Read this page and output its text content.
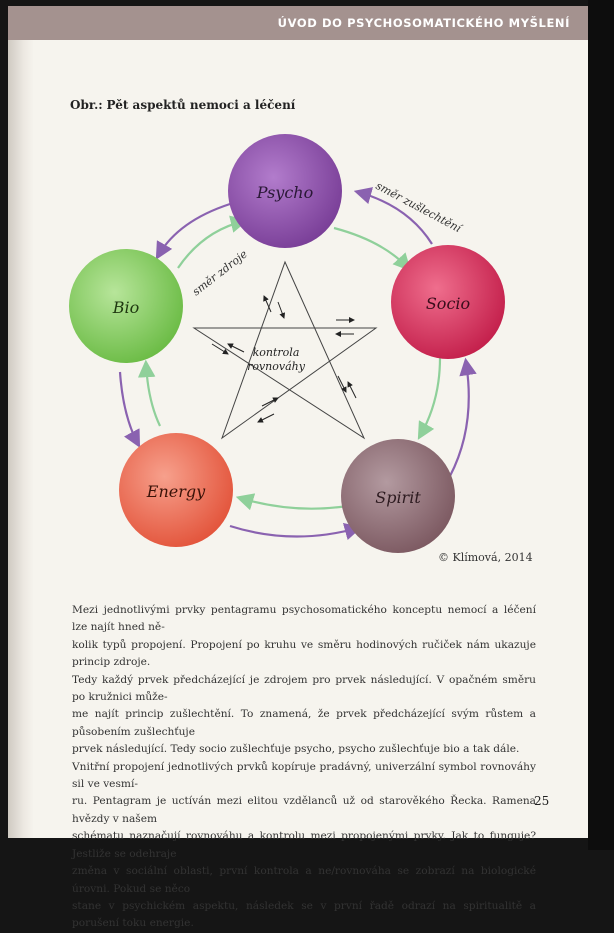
ÚVOD DO PSYCHOSOMATICKÉHO MYŠLENÍ
Obr.: Pět aspektů nemoci a léčení
kontrola
rovnováhy
směr zušlechtění
směr zdroje
Psycho
Socio
Spirit
Energy
Bio
© Klímová, 2014

Mezi jednotlivými prvky pentagramu psychosomatického konceptu nemocí a léčení lze najít hned ně-

kolik typů propojení. Propojení po kruhu ve směru hodinových ručiček nám ukazuje princip zdroje.

Tedy každý prvek předcházející je zdrojem pro prvek následující. V opačném směru po kružnici může-

me najít princip zušlechtění. To znamená, že prvek předcházející svým růstem a působením zušlechťuje

prvek následující. Tedy socio zušlechťuje psycho, psycho zušlechťuje bio a tak dále.

Vnitřní propojení jednotlivých prvků kopíruje pradávný, univerzální symbol rovnováhy sil ve vesmí-

ru. Pentagram je uctíván mezi elitou vzdělanců už od starověkého Řecka. Ramena hvězdy v našem

schématu naznačují rovnováhu a kontrolu mezi propojenými prvky. Jak to funguje? Jestliže se odehraje

změna v sociální oblasti, první kontrola a ne/rovnováha se zobrazí na biologické úrovni. Pokud se něco

stane v psychickém aspektu, následek se v první řadě odrazí na spiritualitě a porušení toku energie.

25
